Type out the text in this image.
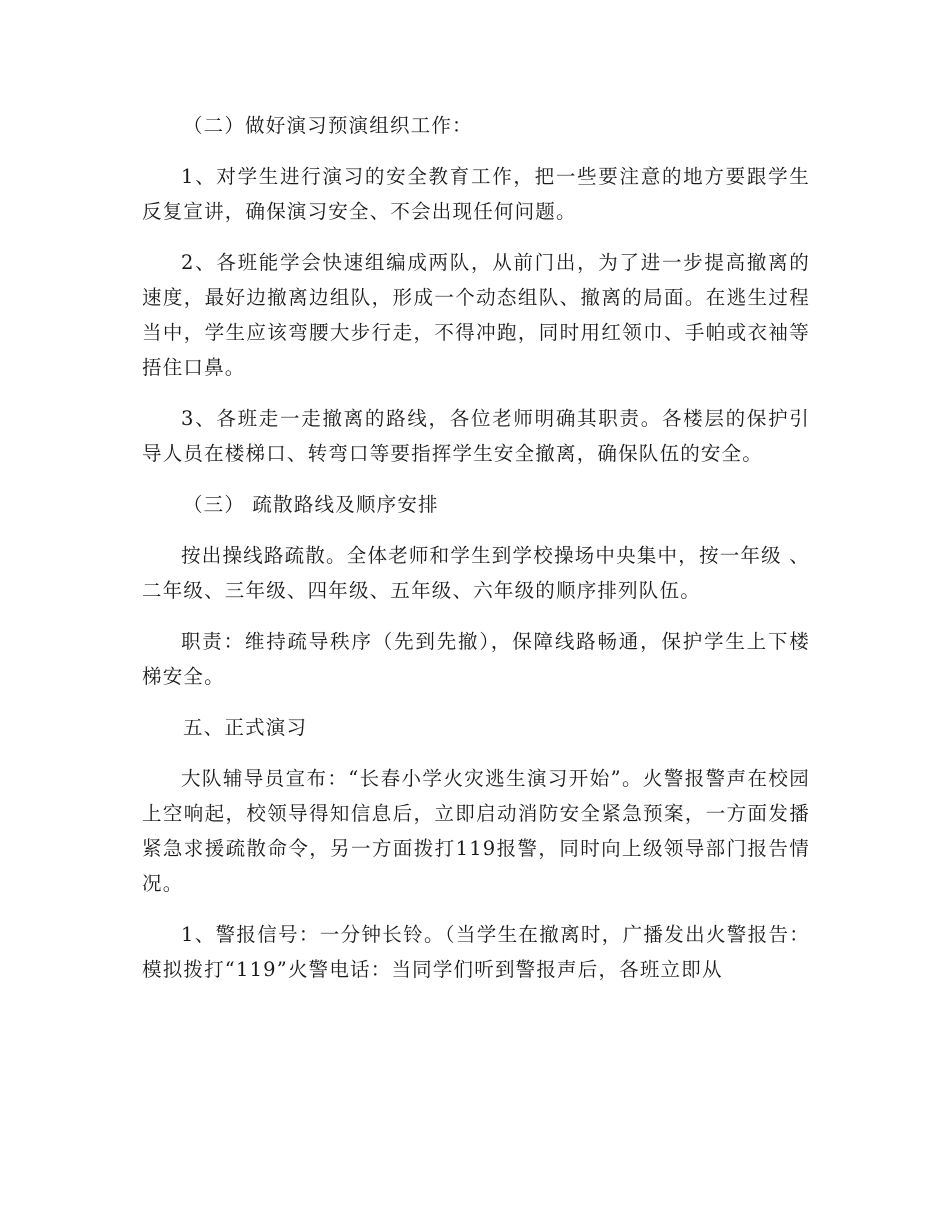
（二）做好演习预演组织工作：

1、对学生进行演习的安全教育工作，把一些要注意的地方要跟学生反复宣讲，确保演习安全、不会出现任何问题。

2、各班能学会快速组编成两队，从前门出，为了进一步提高撤离的速度，最好边撤离边组队，形成一个动态组队、撤离的局面。在逃生过程当中，学生应该弯腰大步行走，不得冲跑，同时用红领巾、手帕或衣袖等捂住口鼻。

3、各班走一走撤离的路线，各位老师明确其职责。各楼层的保护引导人员在楼梯口、转弯口等要指挥学生安全撤离，确保队伍的安全。

（三） 疏散路线及顺序安排

按出操线路疏散。全体老师和学生到学校操场中央集中，按一年级 、二年级、三年级、四年级、五年级、六年级的顺序排列队伍。

职责：维持疏导秩序（先到先撤），保障线路畅通，保护学生上下楼梯安全。

五、正式演习

大队辅导员宣布：“长春小学火灾逃生演习开始”。火警报警声在校园上空响起，校领导得知信息后，立即启动消防安全紧急预案，一方面发播紧急求援疏散命令，另一方面拨打119报警，同时向上级领导部门报告情况。

1、警报信号：一分钟长铃。（当学生在撤离时，广播发出火警报告：模拟拨打“119”火警电话：当同学们听到警报声后，各班立即从
